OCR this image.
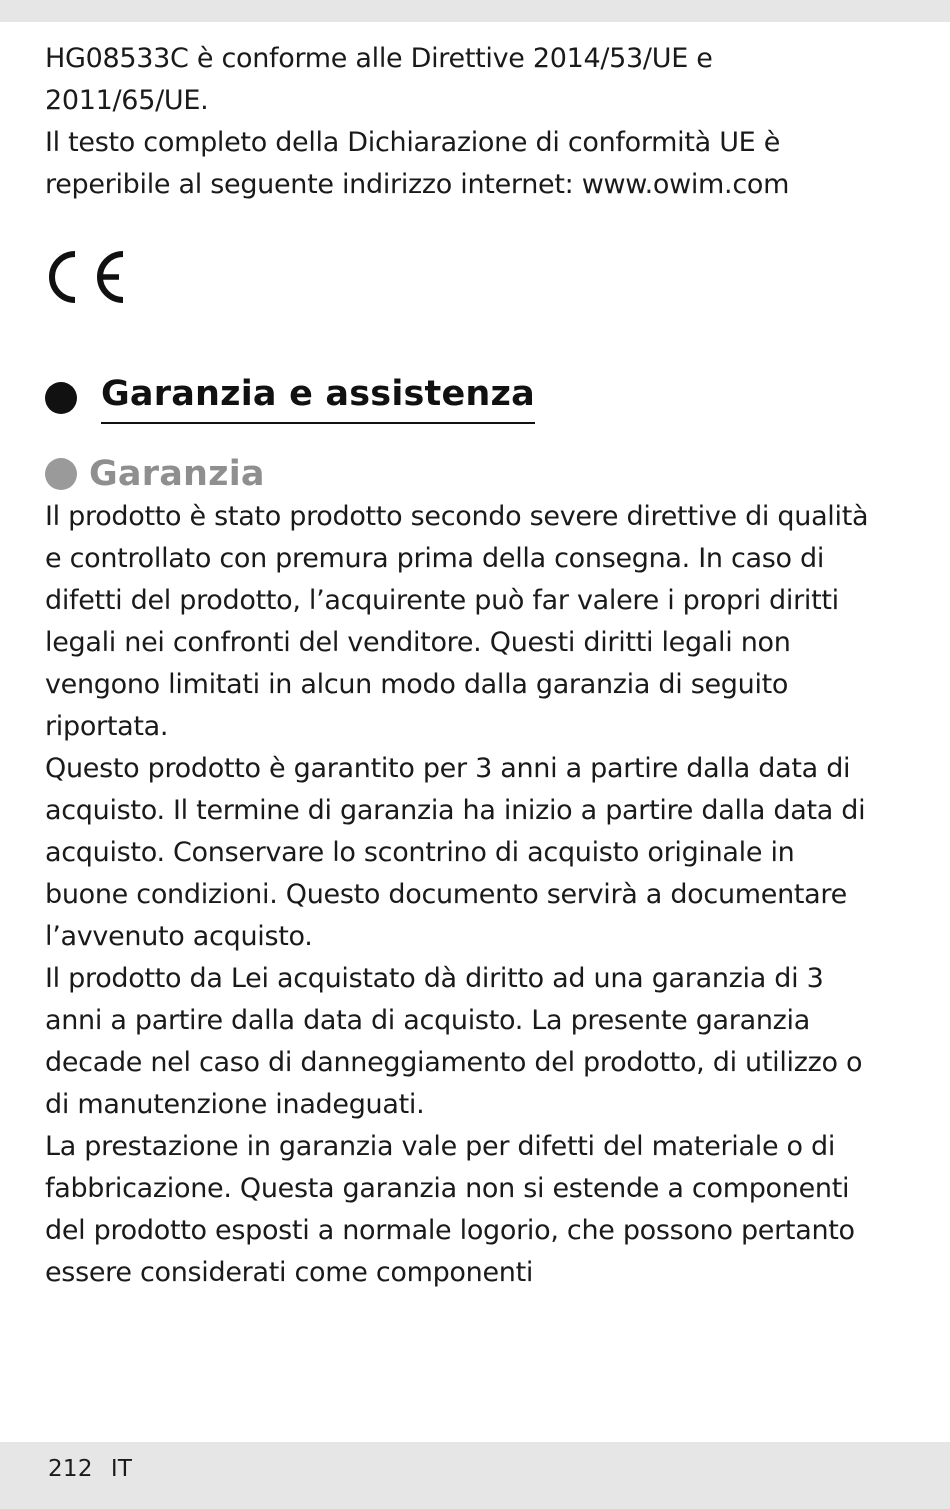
HG08533C è conforme alle Direttive 2014/53/UE e 2011/65/UE.

Il testo completo della Dichiarazione di conformità UE è reperibile al seguente indirizzo internet: www.owim.com

Garanzia e assistenza
Garanzia

Il prodotto è stato prodotto secondo severe direttive di qualità e controllato con premura prima della consegna. In caso di difetti del prodotto, l’acquirente può far valere i propri diritti legali nei confronti del venditore. Questi diritti legali non vengono limitati in alcun modo dalla garanzia di seguito riportata.

Questo prodotto è garantito per 3 anni a partire dalla data di acquisto. Il termine di garanzia ha inizio a partire dalla data di acquisto. Conservare lo scontrino di acquisto originale in buone condizioni. Questo documento servirà a documentare l’avvenuto acquisto.

Il prodotto da Lei acquistato dà diritto ad una garanzia di 3 anni a partire dalla data di acquisto. La presente garanzia decade nel caso di danneggiamento del prodotto, di utilizzo o di manutenzione inadeguati.

La prestazione in garanzia vale per difetti del materiale o di fabbricazione. Questa garanzia non si estende a componenti del prodotto esposti a normale logorio, che possono pertanto essere considerati come componenti

212 IT
